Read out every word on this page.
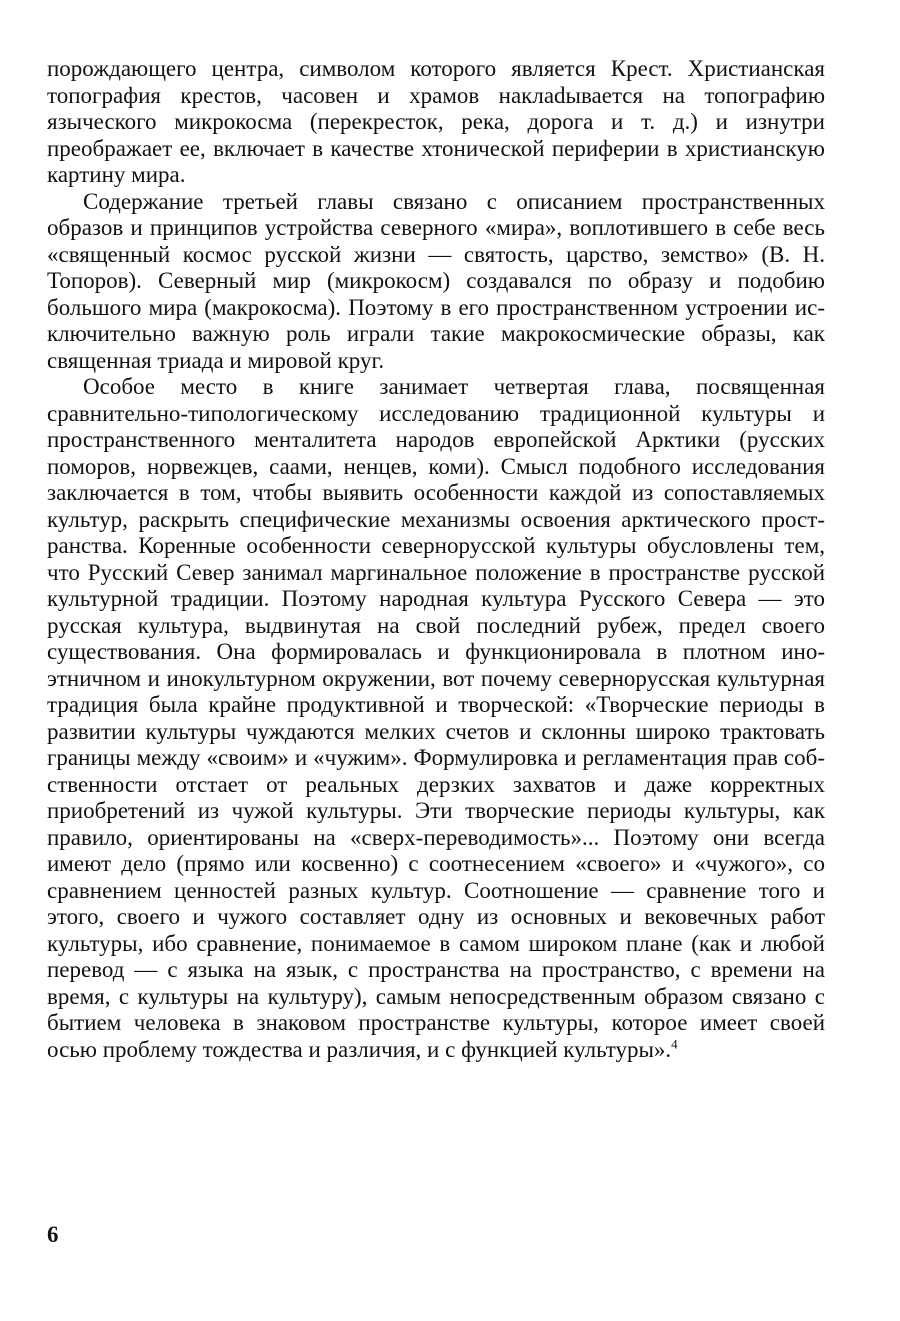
порождающего центра, символом которого является Крест. Христианская топография крестов, часовен и храмов наклаdывается на топографию языческого микрокосма (перекресток, река, дорога и т. д.) и изнутри преображает ее, включает в качестве хтонической периферии в христианскую картину мира.

Содержание третьей главы связано с описанием пространственных образов и принципов устройства северного «мира», воплотившего в себе весь «священный космос русской жизни — святость, царство, земство» (В. Н. Топоров). Северный мир (микрокосм) создавался по образу и подобию большого мира (макрокосма). Поэтому в его пространственном устроении исключительно важную роль играли такие макрокосмические образы, как священная триада и мировой круг.

Особое место в книге занимает четвертая глава, посвященная сравнительно-типологическому исследованию традиционной культуры и пространственного менталитета народов европейской Арктики (русских поморов, норвежцев, саами, ненцев, коми). Смысл подобного исследования заключается в том, чтобы выявить особенности каждой из сопоставляемых культур, раскрыть специфические механизмы освоения арктического пространства. Коренные особенности севернорусской культуры обусловлены тем, что Русский Север занимал маргинальное положение в пространстве русской культурной традиции. Поэтому народная культура Русского Севера — это русская культура, выдвинутая на свой последний рубеж, предел своего существования. Она формировалась и функционировала в плотном иноэтничном и инокультурном окружении, вот почему севернорусская культурная традиция была крайне продуктивной и творческой: «Творческие периоды в развитии культуры чуждаются мелких счетов и склонны широко трактовать границы между «своим» и «чужим». Формулировка и регламентация прав собственности отстает от реальных дерзких захватов и даже корректных приобретений из чужой культуры. Эти творческие периоды культуры, как правило, ориентированы на «сверх-переводимость»... Поэтому они всегда имеют дело (прямо или косвенно) с соотнесением «своего» и «чужого», со сравнением ценностей разных культур. Соотношение — сравнение того и этого, своего и чужого составляет одну из основных и вековечных работ культуры, ибо сравнение, понимаемое в самом широком плане (как и любой перевод — с языка на язык, с пространства на пространство, с времени на время, с культуры на культуру), самым непосредственным образом связано с бытием человека в знаковом пространстве культуры, которое имеет своей осью проблему тождества и различия, и с функцией культуры».$^4$

6
